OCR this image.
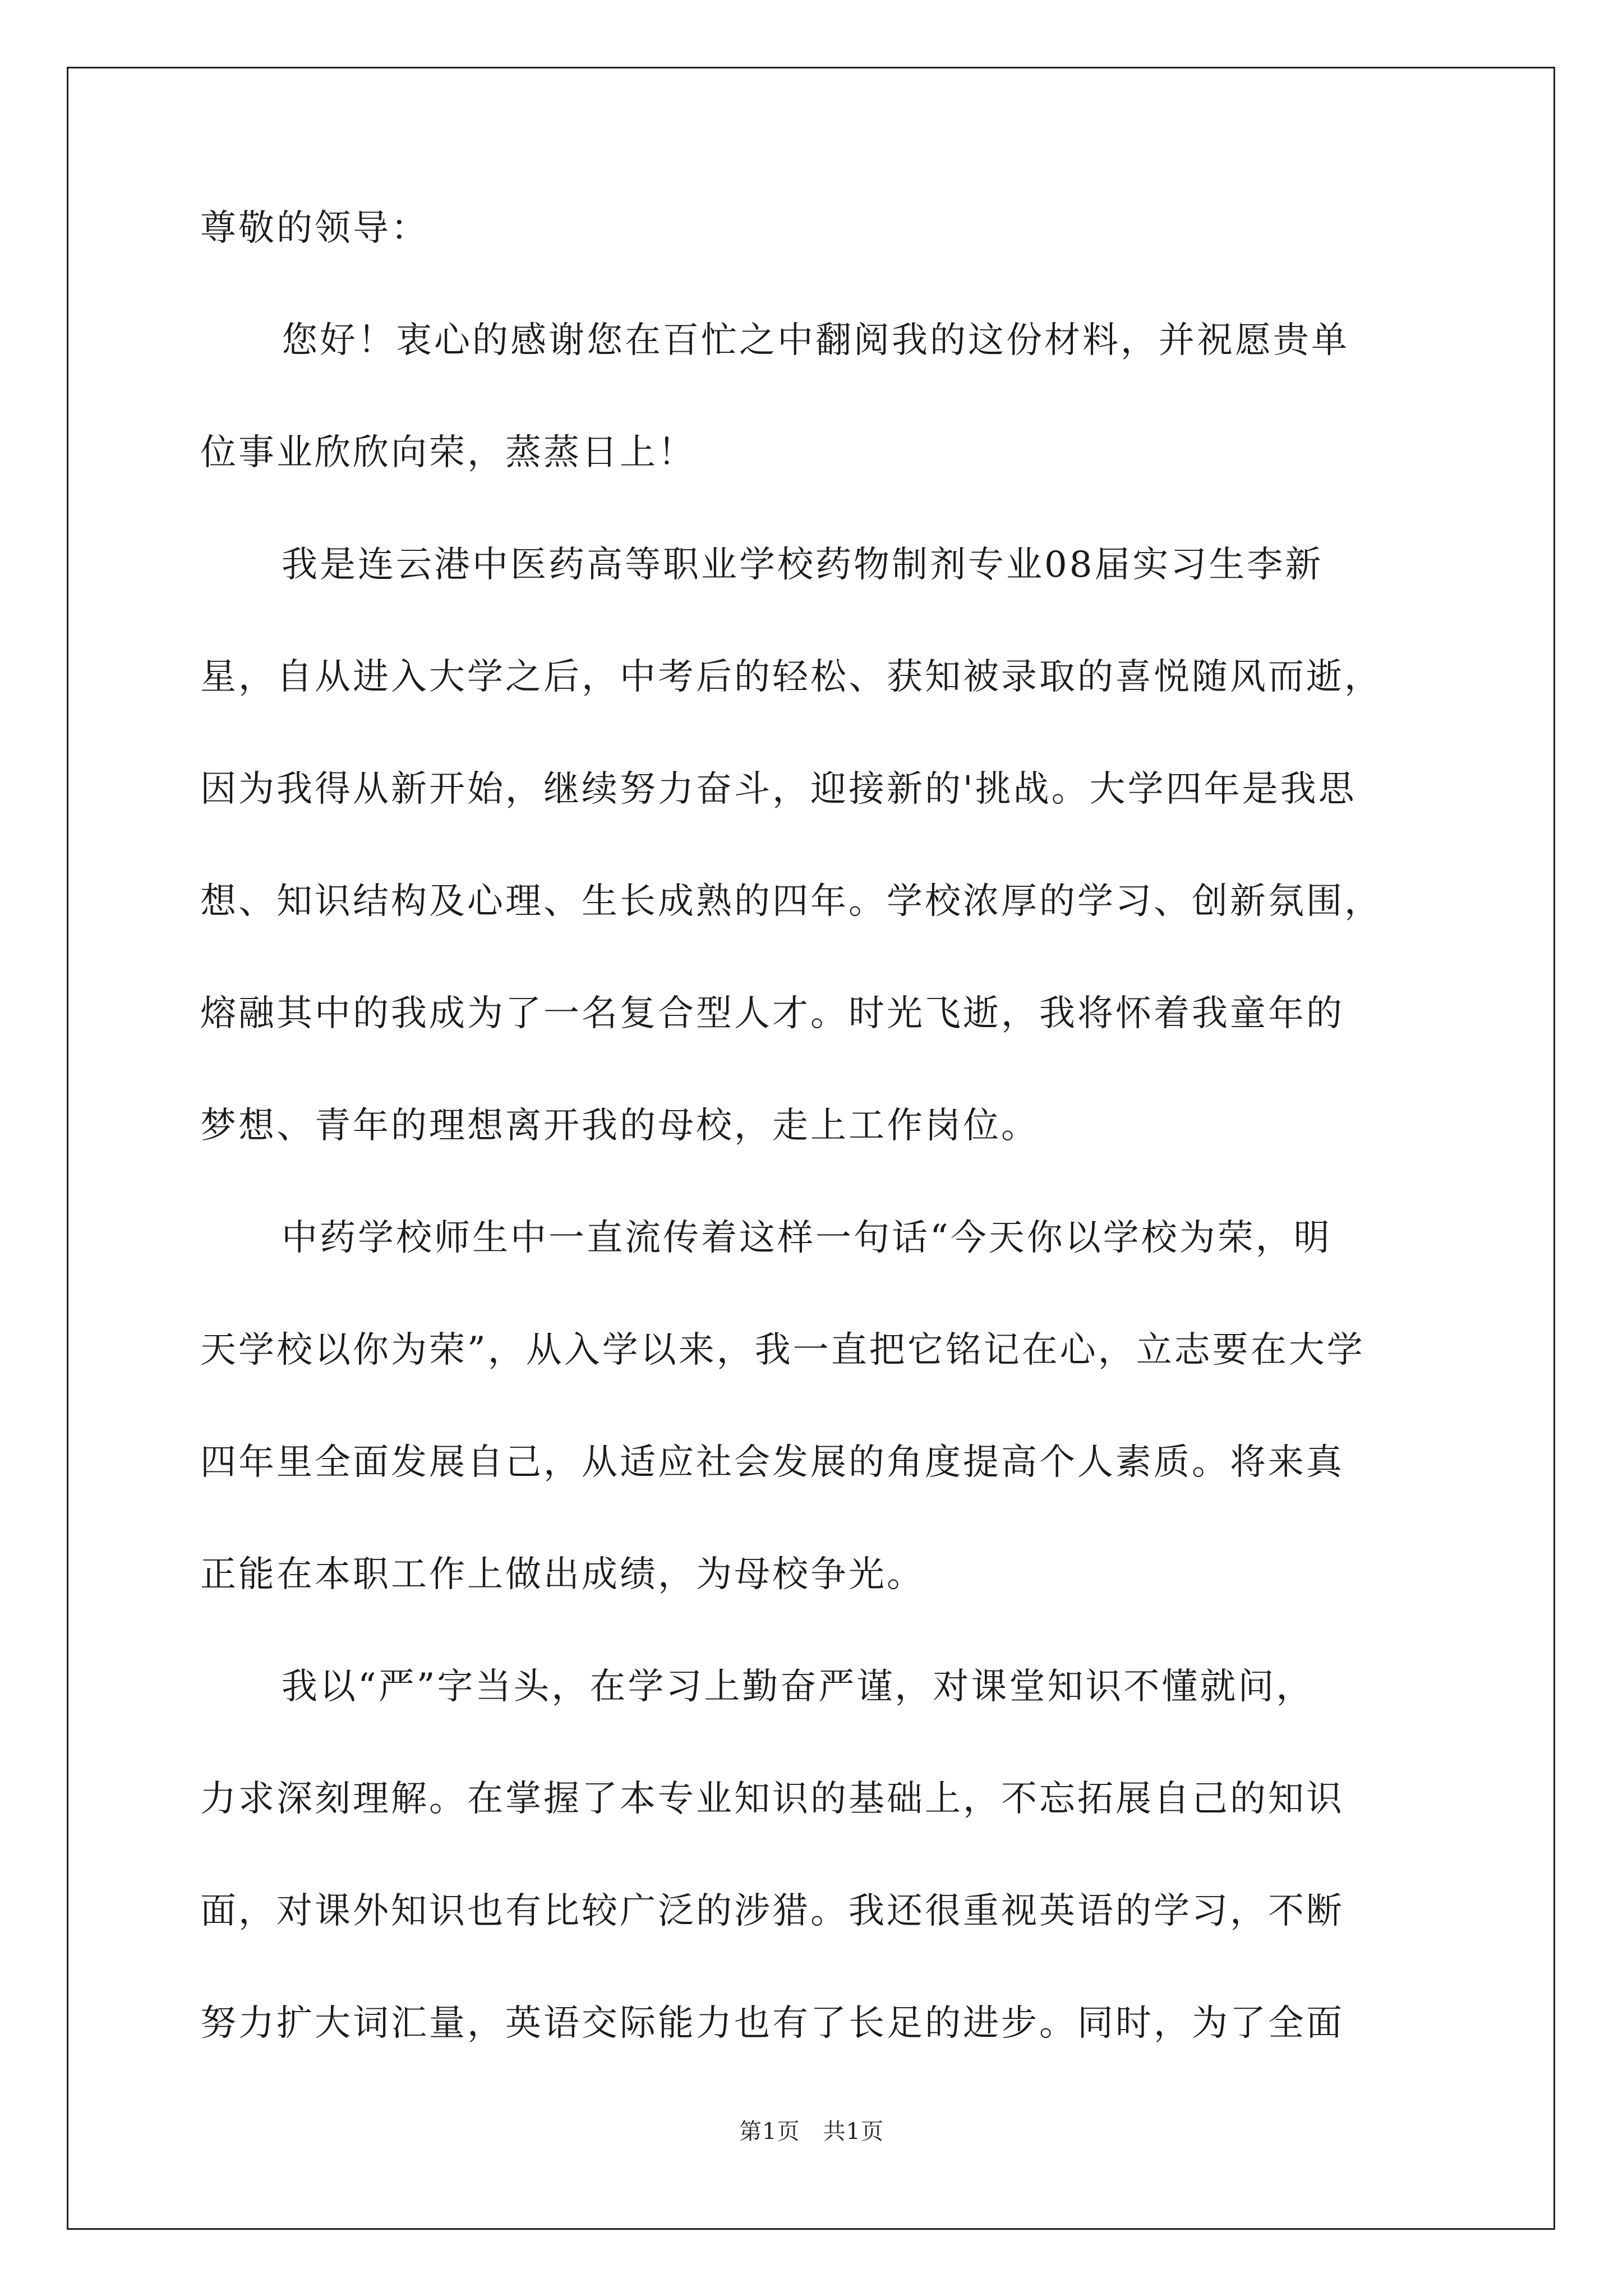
尊敬的领导：
您好！衷心的感谢您在百忙之中翻阅我的这份材料，并祝愿贵单
位事业欣欣向荣，蒸蒸日上！
我是连云港中医药高等职业学校药物制剂专业08届实习生李新
星，自从进入大学之后，中考后的轻松、获知被录取的喜悦随风而逝，
因为我得从新开始，继续努力奋斗，迎接新的'挑战。大学四年是我思
想、知识结构及心理、生长成熟的四年。学校浓厚的学习、创新氛围，
熔融其中的我成为了一名复合型人才。时光飞逝，我将怀着我童年的
梦想、青年的理想离开我的母校，走上工作岗位。
中药学校师生中一直流传着这样一句话“今天你以学校为荣，明
天学校以你为荣”，从入学以来，我一直把它铭记在心，立志要在大学
四年里全面发展自己，从适应社会发展的角度提高个人素质。将来真
正能在本职工作上做出成绩，为母校争光。
我以“严”字当头，在学习上勤奋严谨，对课堂知识不懂就问，
力求深刻理解。在掌握了本专业知识的基础上，不忘拓展自己的知识
面，对课外知识也有比较广泛的涉猎。我还很重视英语的学习，不断
努力扩大词汇量，英语交际能力也有了长足的进步。同时，为了全面
第1页　共1页
